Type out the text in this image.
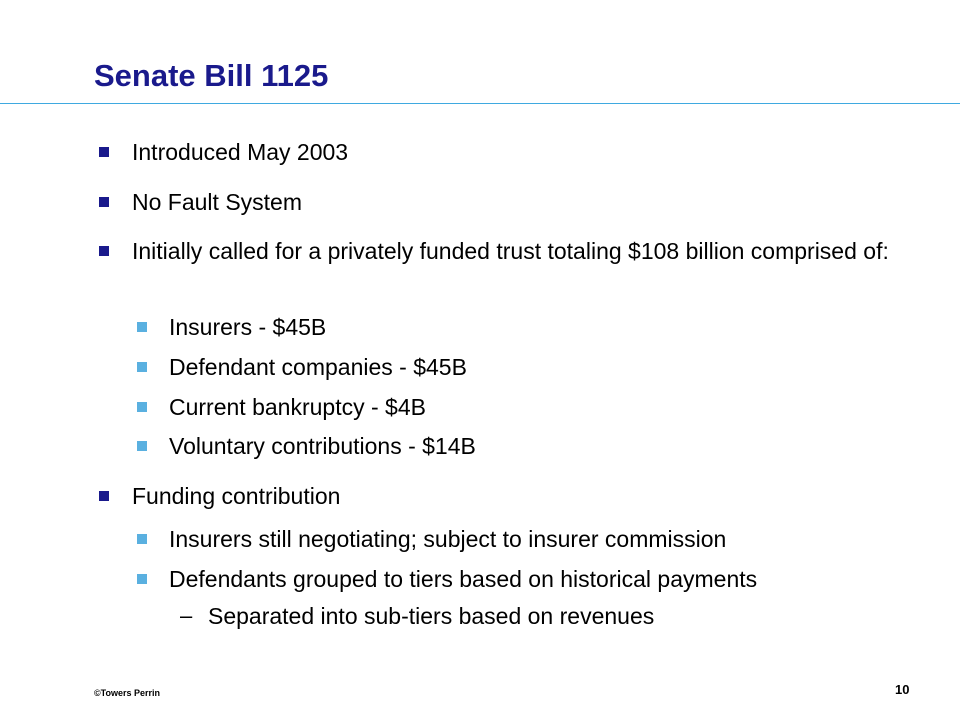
Senate Bill 1125
Introduced May 2003
No Fault System
Initially called for a privately funded trust totaling $108 billion comprised of:
Insurers - $45B
Defendant companies - $45B
Current bankruptcy - $4B
Voluntary contributions - $14B
Funding contribution
Insurers still negotiating; subject to insurer commission
Defendants grouped to tiers based on historical payments
– Separated into sub-tiers based on revenues
©Towers Perrin	10
